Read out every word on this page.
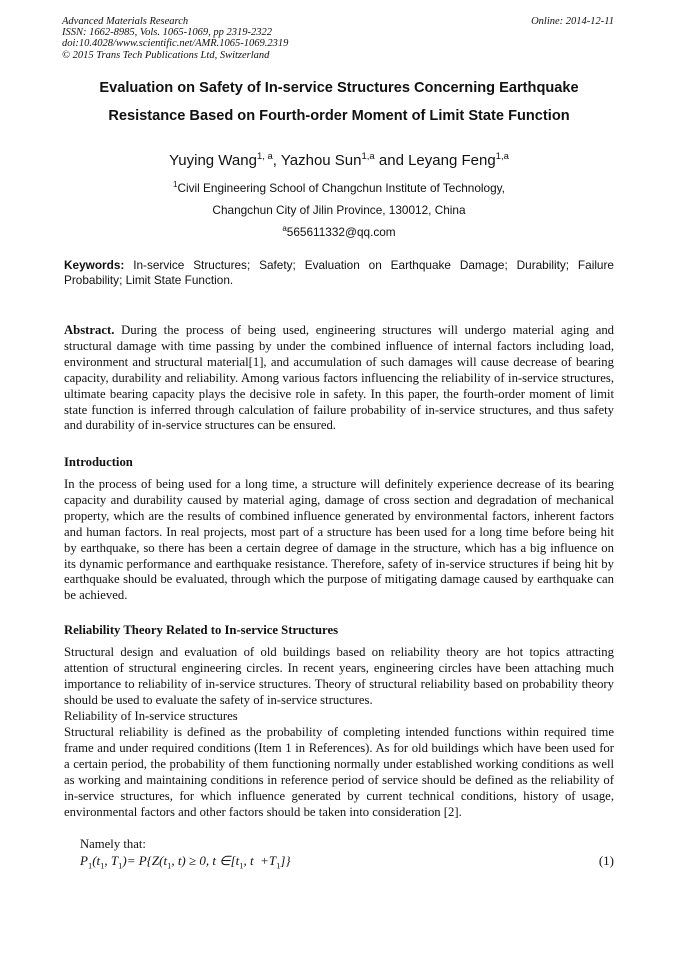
Advanced Materials Research
ISSN: 1662-8985, Vols. 1065-1069, pp 2319-2322
doi:10.4028/www.scientific.net/AMR.1065-1069.2319
© 2015 Trans Tech Publications Ltd, Switzerland
Online: 2014-12-11
Evaluation on Safety of In-service Structures Concerning Earthquake
Resistance Based on Fourth-order Moment of Limit State Function
Yuying Wang$^{1, a}$, Yazhou Sun$^{1,a}$ and Leyang Feng$^{1,a}$
$^1$Civil Engineering School of Changchun Institute of Technology,
Changchun City of Jilin Province, 130012, China
$^a$565611332@qq.com
Keywords: In-service Structures; Safety; Evaluation on Earthquake Damage; Durability; Failure Probability; Limit State Function.
Abstract. During the process of being used, engineering structures will undergo material aging and structural damage with time passing by under the combined influence of internal factors including load, environment and structural material[1], and accumulation of such damages will cause decrease of bearing capacity, durability and reliability. Among various factors influencing the reliability of in-service structures, ultimate bearing capacity plays the decisive role in safety. In this paper, the fourth-order moment of limit state function is inferred through calculation of failure probability of in-service structures, and thus safety and durability of in-service structures can be ensured.
Introduction
In the process of being used for a long time, a structure will definitely experience decrease of its bearing capacity and durability caused by material aging, damage of cross section and degradation of mechanical property, which are the results of combined influence generated by environmental factors, inherent factors and human factors. In real projects, most part of a structure has been used for a long time before being hit by earthquake, so there has been a certain degree of damage in the structure, which has a big influence on its dynamic performance and earthquake resistance. Therefore, safety of in-service structures if being hit by earthquake should be evaluated, through which the purpose of mitigating damage caused by earthquake can be achieved.
Reliability Theory Related to In-service Structures
Structural design and evaluation of old buildings based on reliability theory are hot topics attracting attention of structural engineering circles. In recent years, engineering circles have been attaching much importance to reliability of in-service structures. Theory of structural reliability based on probability theory should be used to evaluate the safety of in-service structures.
Reliability of In-service structures
Structural reliability is defined as the probability of completing intended functions within required time frame and under required conditions (Item 1 in References). As for old buildings which have been used for a certain period, the probability of them functioning normally under established working conditions as well as working and maintaining conditions in reference period of service should be defined as the reliability of in-service structures, for which influence generated by current technical conditions, history of usage, environmental factors and other factors should be taken into consideration [2].
Namely that:
$P_1(t_1$, $T_1)= P\{Z(t_1$, t) ≥ 0, t $\in[t_1$, $t +T_1$]}	(1)
